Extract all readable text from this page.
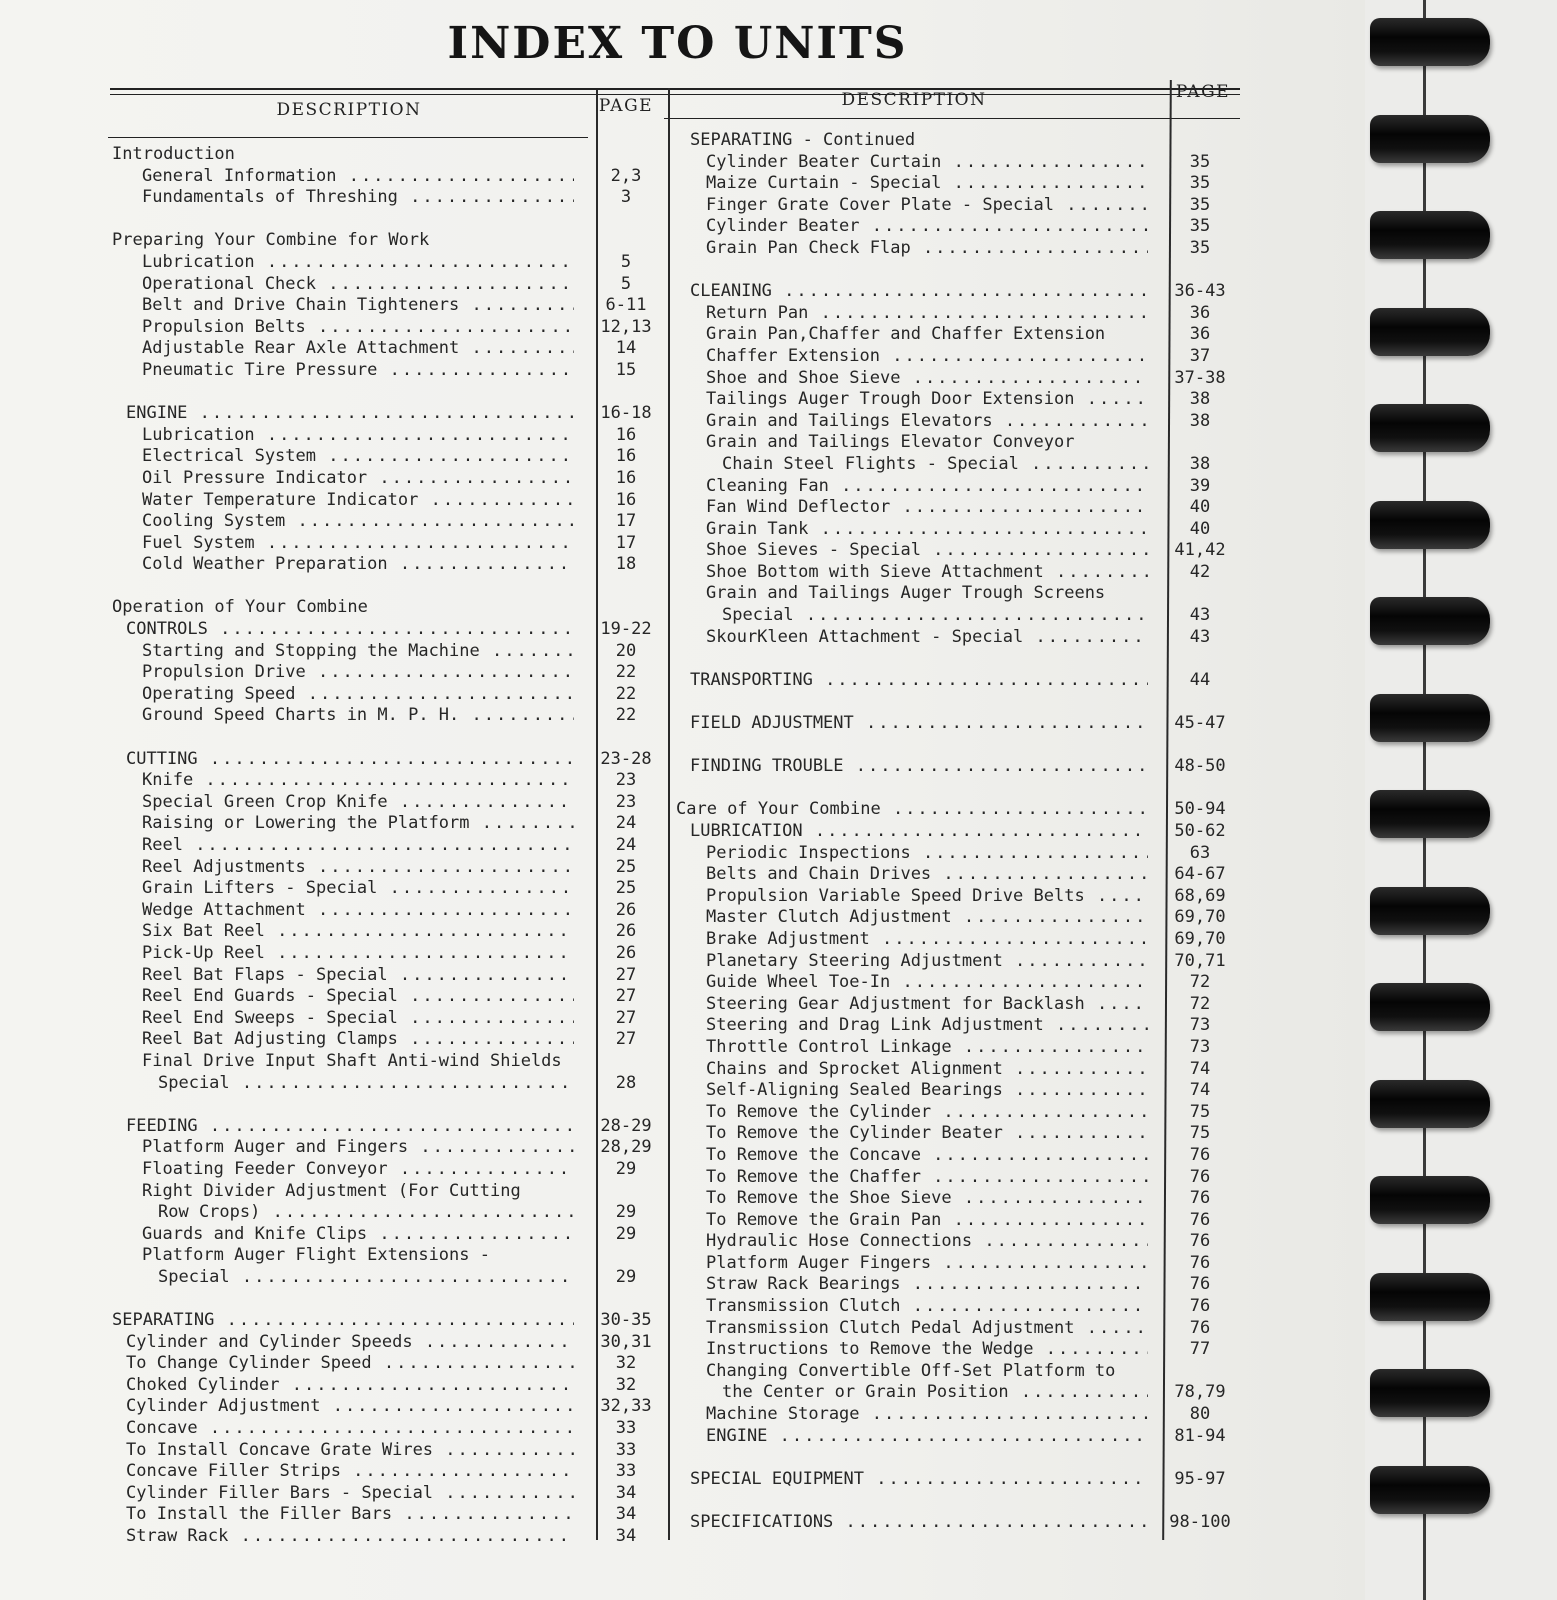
INDEX TO UNITS
DESCRIPTION	PAGE	DESCRIPTION	PAGE
Introduction
General Information .....	2,3
Fundamentals of Threshing .....	3
Preparing Your Combine for Work
Lubrication .....	5
Operational Check .....	5
Belt and Drive Chain Tighteners .....	6-11
Propulsion Belts .....	12,13
Adjustable Rear Axle Attachment .....	14
Pneumatic Tire Pressure .....	15
ENGINE .....	16-18
Lubrication .....	16
Electrical System .....	16
Oil Pressure Indicator .....	16
Water Temperature Indicator .....	16
Cooling System .....	17
Fuel System .....	17
Cold Weather Preparation .....	18
Operation of Your Combine
CONTROLS .....	19-22
Starting and Stopping the Machine .....	20
Propulsion Drive .....	22
Operating Speed .....	22
Ground Speed Charts in M. P. H. .....	22
CUTTING .....	23-28
Knife .....	23
Special Green Crop Knife .....	23
Raising or Lowering the Platform .....	24
Reel .....	24
Reel Adjustments .....	25
Grain Lifters - Special .....	25
Wedge Attachment .....	26
Six Bat Reel .....	26
Pick-Up Reel .....	26
Reel Bat Flaps - Special .....	27
Reel End Guards - Special .....	27
Reel End Sweeps - Special .....	27
Reel Bat Adjusting Clamps .....	27
Final Drive Input Shaft Anti-wind Shields
Special .....	28
FEEDING .....	28-29
Platform Auger and Fingers .....	28,29
Floating Feeder Conveyor .....	29
Right Divider Adjustment (For Cutting
Row Crops) .....	29
Guards and Knife Clips .....	29
Platform Auger Flight Extensions -
Special .....	29
SEPARATING .....	30-35
Cylinder and Cylinder Speeds .....	30,31
To Change Cylinder Speed .....	32
Choked Cylinder .....	32
Cylinder Adjustment .....	32,33
Concave .....	33
To Install Concave Grate Wires .....	33
Concave Filler Strips .....	33
Cylinder Filler Bars - Special .....	34
To Install the Filler Bars .....	34
Straw Rack .....	34
SEPARATING - Continued
Cylinder Beater Curtain .....	35
Maize Curtain - Special .....	35
Finger Grate Cover Plate - Special .....	35
Cylinder Beater .....	35
Grain Pan Check Flap .....	35
CLEANING .....	36-43
Return Pan .....	36
Grain Pan,Chaffer and Chaffer Extension	36
Chaffer Extension .....	37
Shoe and Shoe Sieve .....	37-38
Tailings Auger Trough Door Extension .....	38
Grain and Tailings Elevators .....	38
Grain and Tailings Elevator Conveyor
Chain Steel Flights - Special .....	38
Cleaning Fan .....	39
Fan Wind Deflector .....	40
Grain Tank .....	40
Shoe Sieves - Special .....	41,42
Shoe Bottom with Sieve Attachment .....	42
Grain and Tailings Auger Trough Screens
Special .....	43
SkourKleen Attachment - Special .....	43
TRANSPORTING .....	44
FIELD ADJUSTMENT .....	45-47
FINDING TROUBLE .....	48-50
Care of Your Combine .....	50-94
LUBRICATION .....	50-62
Periodic Inspections .....	63
Belts and Chain Drives .....	64-67
Propulsion Variable Speed Drive Belts .....	68,69
Master Clutch Adjustment .....	69,70
Brake Adjustment .....	69,70
Planetary Steering Adjustment .....	70,71
Guide Wheel Toe-In .....	72
Steering Gear Adjustment for Backlash .....	72
Steering and Drag Link Adjustment .....	73
Throttle Control Linkage .....	73
Chains and Sprocket Alignment .....	74
Self-Aligning Sealed Bearings .....	74
To Remove the Cylinder .....	75
To Remove the Cylinder Beater .....	75
To Remove the Concave .....	76
To Remove the Chaffer .....	76
To Remove the Shoe Sieve .....	76
To Remove the Grain Pan .....	76
Hydraulic Hose Connections .....	76
Platform Auger Fingers .....	76
Straw Rack Bearings .....	76
Transmission Clutch .....	76
Transmission Clutch Pedal Adjustment .....	76
Instructions to Remove the Wedge .....	77
Changing Convertible Off-Set Platform to
the Center or Grain Position .....	78,79
Machine Storage .....	80
ENGINE .....	81-94
SPECIAL EQUIPMENT .....	95-97
SPECIFICATIONS .....	98-100
